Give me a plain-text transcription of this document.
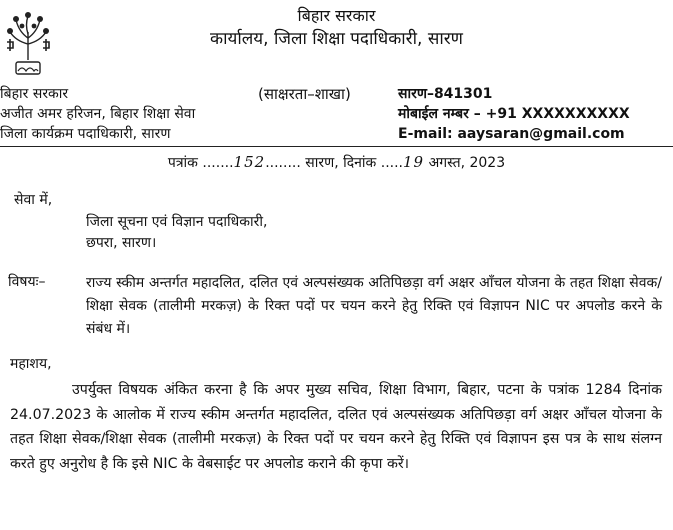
बिहार सरकार
कार्यालय, जिला शिक्षा पदाधिकारी, सारण
बिहार सरकार
अजीत अमर हरिजन, बिहार शिक्षा सेवा
जिला कार्यक्रम पदाधिकारी, सारण
(साक्षरता–शाखा)	सारण–841301
मोबाईल नम्बर – +91 XXXXXXXXXX
E-mail: aaysaran@gmail.com
पत्रांक .......152........ सारण, दिनांक .....19 अगस्त, 2023
सेवा में,
जिला सूचना एवं विज्ञान पदाधिकारी,
छपरा, सारण।
विषयः–	राज्य स्कीम अन्तर्गत महादलित, दलित एवं अल्पसंख्यक अतिपिछड़ा वर्ग अक्षर आँचल योजना के तहत शिक्षा सेवक/शिक्षा सेवक (तालीमी मरकज़) के रिक्त पदों पर चयन करने हेतु रिक्ति एवं विज्ञापन NIC पर अपलोड करने के संबंध में।
महाशय,
उपर्युक्त विषयक अंकित करना है कि अपर मुख्य सचिव, शिक्षा विभाग, बिहार, पटना के पत्रांक 1284 दिनांक 24.07.2023 के आलोक में राज्य स्कीम अन्तर्गत महादलित, दलित एवं अल्पसंख्यक अतिपिछड़ा वर्ग अक्षर आँचल योजना के तहत शिक्षा सेवक/शिक्षा सेवक (तालीमी मरकज़) के रिक्त पदों पर चयन करने हेतु रिक्ति एवं विज्ञापन इस पत्र के साथ संलग्न करते हुए अनुरोध है कि इसे NIC के वेबसाईट पर अपलोड कराने की कृपा करें।
